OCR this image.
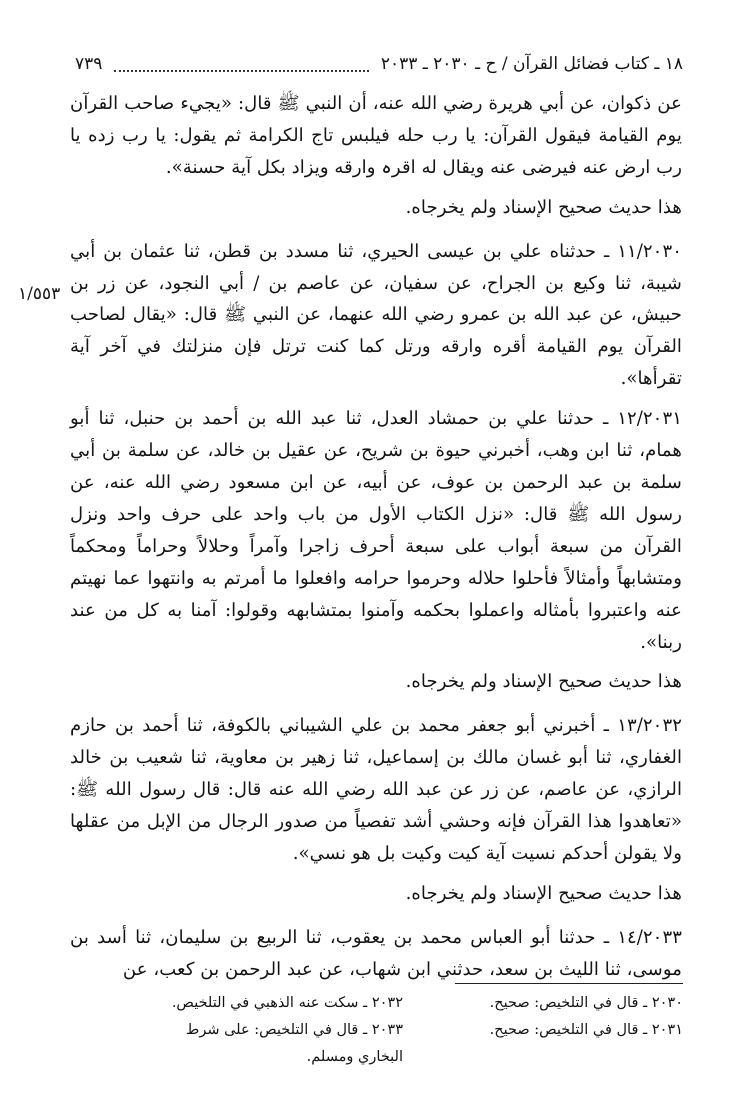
١٨ ـ كتاب فضائل القرآن / ح ـ ٢٠٣٠ ـ ٢٠٣٣
٧٣٩
١/٥٥٣

عن ذكوان، عن أبي هريرة رضي الله عنه، أن النبي ﷺ قال: «يجيء صاحب القرآن يوم القيامة فيقول القرآن: يا رب حله فيلبس تاج الكرامة ثم يقول: يا رب زده يا رب ارض عنه فيرضى عنه ويقال له اقرہ وارقه ويزاد بكل آية حسنة».

هذا حديث صحيح الإسناد ولم يخرجاه.

١١/٢٠٣٠ ـ حدثناه علي بن عيسى الحيري، ثنا مسدد بن قطن، ثنا عثمان بن أبي شيبة، ثنا وكيع بن الجراح، عن سفيان، عن عاصم بن / أبي النجود، عن زر بن حبيش، عن عبد الله بن عمرو رضي الله عنهما، عن النبي ﷺ قال: «يقال لصاحب القرآن يوم القيامة أقره وارقه ورتل كما كنت ترتل فإن منزلتك في آخر آية تقرأها».

١٢/٢٠٣١ ـ حدثنا علي بن حمشاد العدل، ثنا عبد الله بن أحمد بن حنبل، ثنا أبو همام، ثنا ابن وهب، أخبرني حيوة بن شريح، عن عقيل بن خالد، عن سلمة بن أبي سلمة بن عبد الرحمن بن عوف، عن أبيه، عن ابن مسعود رضي الله عنه، عن رسول الله ﷺ قال: «نزل الكتاب الأول من باب واحد على حرف واحد ونزل القرآن من سبعة أبواب على سبعة أحرف زاجرا وآمراً وحلالاً وحراماً ومحكماً ومتشابهاً وأمثالاً فأحلوا حلاله وحرموا حرامه وافعلوا ما أمرتم به وانتهوا عما نهيتم عنه واعتبروا بأمثاله واعملوا بحكمه وآمنوا بمتشابهه وقولوا: آمنا به كل من عند ربنا».

هذا حديث صحيح الإسناد ولم يخرجاه.

١٣/٢٠٣٢ ـ أخبرني أبو جعفر محمد بن علي الشيباني بالكوفة، ثنا أحمد بن حازم الغفاري، ثنا أبو غسان مالك بن إسماعيل، ثنا زهير بن معاوية، ثنا شعيب بن خالد الرازي، عن عاصم، عن زر عن عبد الله رضي الله عنه قال: قال رسول الله ﷺ: «تعاهدوا هذا القرآن فإنه وحشي أشد تفصياً من صدور الرجال من الإبل من عقلها ولا يقولن أحدكم نسيت آية كيت وكيت بل هو نسي».

هذا حديث صحيح الإسناد ولم يخرجاه.

١٤/٢٠٣٣ ـ حدثنا أبو العباس محمد بن يعقوب، ثنا الربيع بن سليمان، ثنا أسد بن موسى، ثنا الليث بن سعد، حدثني ابن شهاب، عن عبد الرحمن بن كعب، عن

٢٠٣٠ ـ قال في التلخيص: صحيح.
٢٠٣٢ ـ سكت عنه الذهبي في التلخيص.
٢٠٣١ ـ قال في التلخيص: صحيح.
٢٠٣٣ ـ قال في التلخيص: على شرط البخاري ومسلم.
